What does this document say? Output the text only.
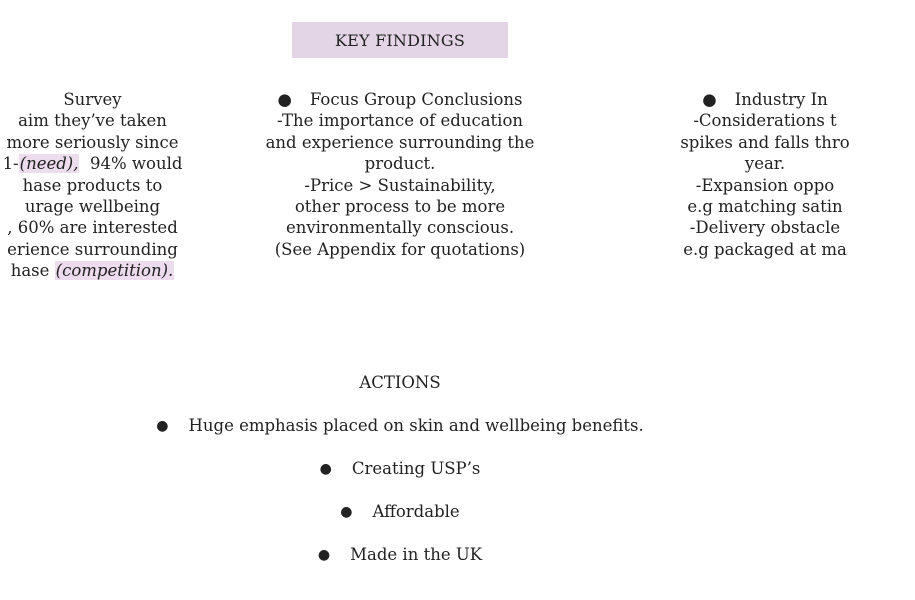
KEY FINDINGS

Survey

aim they’ve taken

more seriously since

1-(need),  94% would

hase products to

urage wellbeing

, 60% are interested

erience surrounding

hase (competition).

● Focus Group Conclusions

-The importance of education

and experience surrounding the

product.

-Price > Sustainability,

other process to be more

environmentally conscious.

(See Appendix for quotations)

● Industry In

-Considerations t

spikes and falls thro

year.

-Expansion oppo

e.g matching satin

-Delivery obstacle

e.g packaged at ma

ACTIONS
● Huge emphasis placed on skin and wellbeing benefits.
● Creating USP’s
● Affordable
● Made in the UK
